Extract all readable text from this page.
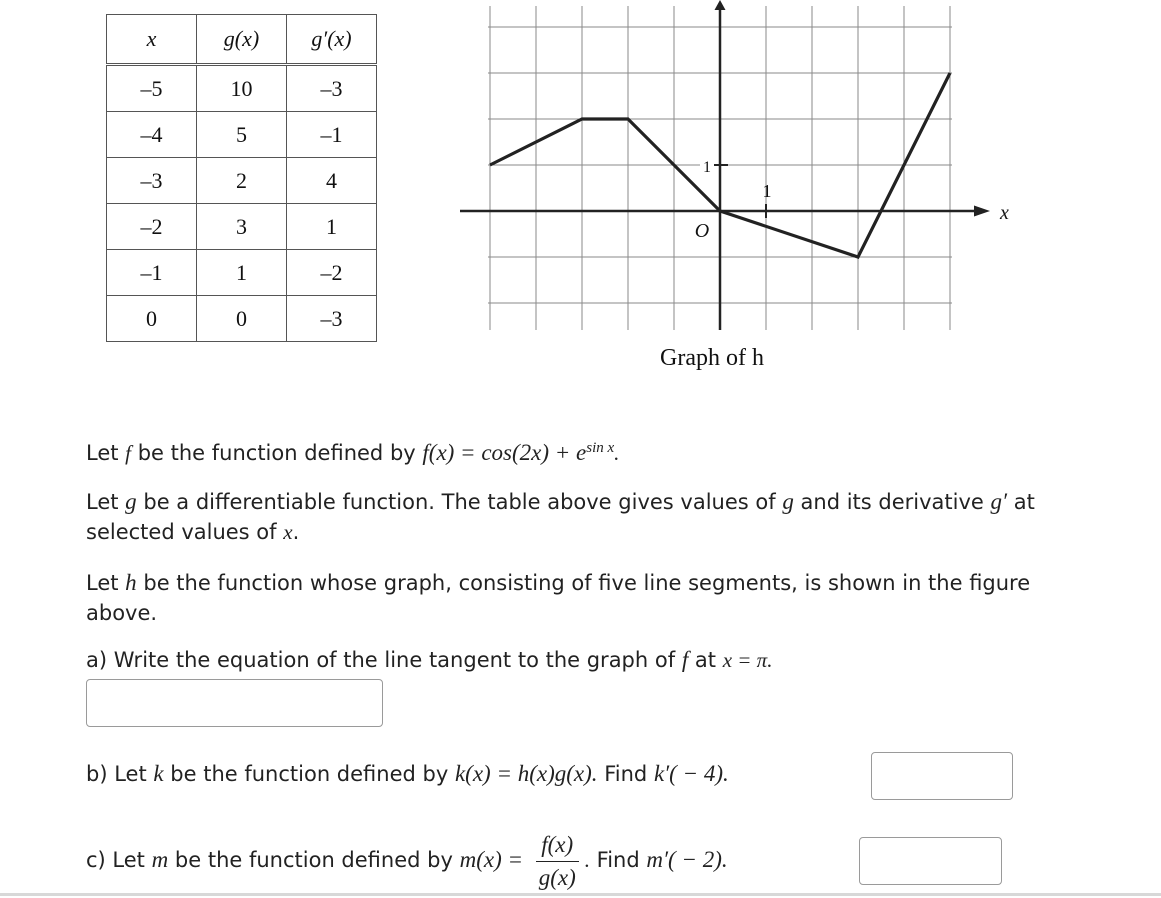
x	g(x)	g′(x)
–5	10	–3
–4	5	–1
–3	2	4
–2	3	1
–1	1	–2
0	0	–3
1
1
O
x
Graph of h
Let f be the function defined by $f(x) = \cos(2x) + e^{sin x}$.
Let g be a differentiable function. The table above gives values of g and its derivative g′ at
selected values of x.
Let h be the function whose graph, consisting of five line segments, is shown in the figure
above.
a) Write the equation of the line tangent to the graph of f at x = π.
b) Let k be the function defined by k(x) = h(x)g(x). Find k′( − 4).
c) Let m be the function defined by $m(x) = \frac{f(x)}{g(x)}$ . Find m′( − 2).
